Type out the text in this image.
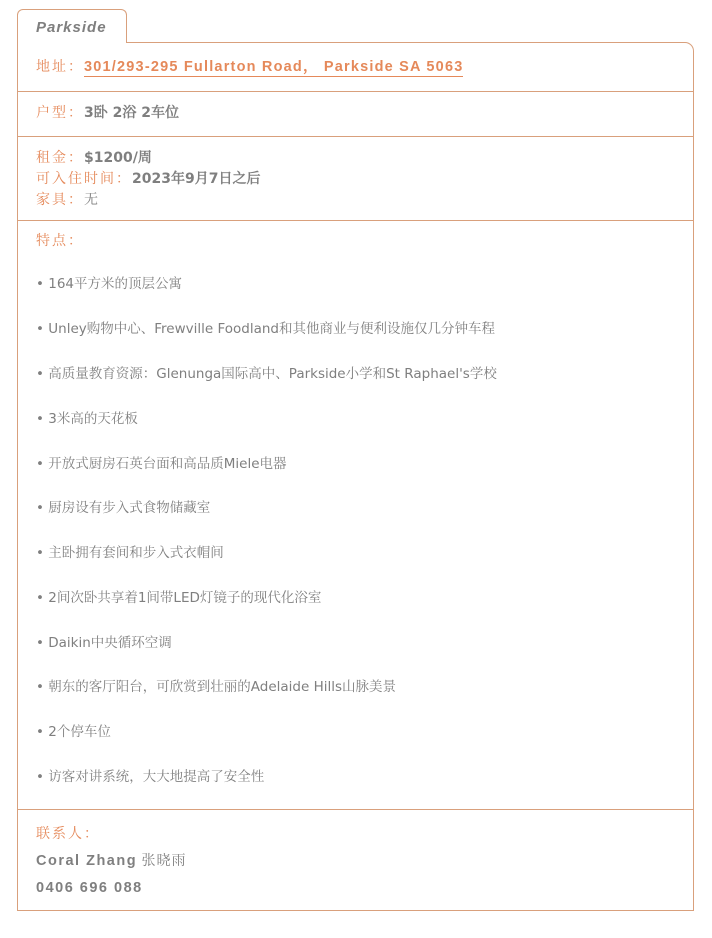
Parkside
地址：301/293-295 Fullarton Road， Parkside SA 5063
户型：3卧 2浴 2车位
租金：$1200/周
可入住时间：2023年9月7日之后
家具：无
特点：
• 164平方米的顶层公寓
• Unley购物中心、Frewville Foodland和其他商业与便利设施仅几分钟车程
• 高质量教育资源：Glenunga国际高中、Parkside小学和St Raphael's学校
• 3米高的天花板
• 开放式厨房石英台面和高品质Miele电器
• 厨房设有步入式食物储藏室
• 主卧拥有套间和步入式衣帽间
• 2间次卧共享着1间带LED灯镜子的现代化浴室
• Daikin中央循环空调
• 朝东的客厅阳台，可欣赏到壮丽的Adelaide Hills山脉美景
• 2个停车位
• 访客对讲系统，大大地提高了安全性
联系人：
Coral Zhang 张晓雨
0406 696 088
